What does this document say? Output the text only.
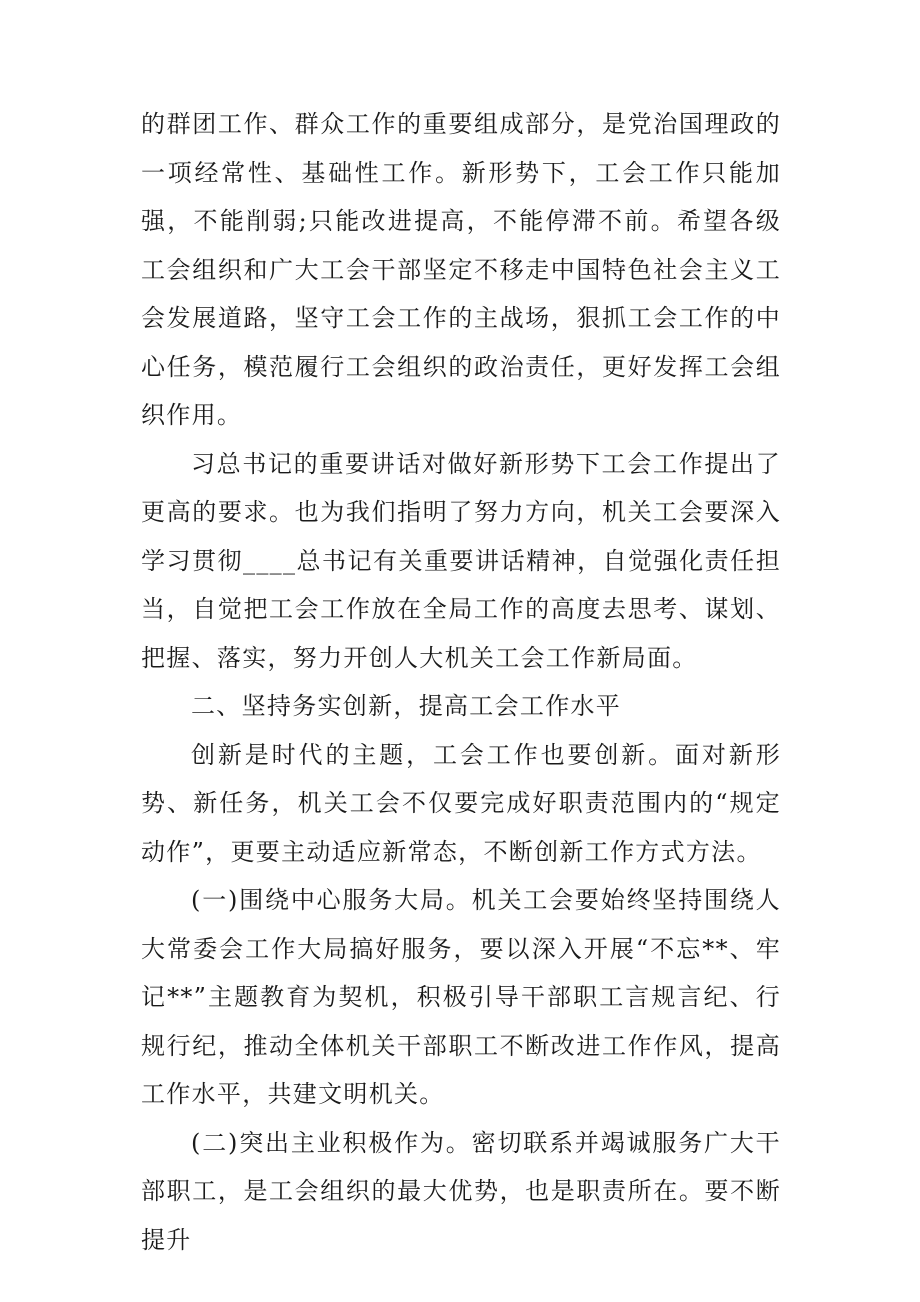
的群团工作、群众工作的重要组成部分，是党治国理政的一项经常性、基础性工作。新形势下，工会工作只能加强，不能削弱;只能改进提高，不能停滞不前。希望各级工会组织和广大工会干部坚定不移走中国特色社会主义工会发展道路，坚守工会工作的主战场，狠抓工会工作的中心任务，模范履行工会组织的政治责任，更好发挥工会组织作用。

习总书记的重要讲话对做好新形势下工会工作提出了更高的要求。也为我们指明了努力方向，机关工会要深入学习贯彻____总书记有关重要讲话精神，自觉强化责任担当，自觉把工会工作放在全局工作的高度去思考、谋划、把握、落实，努力开创人大机关工会工作新局面。

二、坚持务实创新，提高工会工作水平

创新是时代的主题，工会工作也要创新。面对新形势、新任务，机关工会不仅要完成好职责范围内的“规定动作”，更要主动适应新常态，不断创新工作方式方法。

(一)围绕中心服务大局。机关工会要始终坚持围绕人大常委会工作大局搞好服务，要以深入开展“不忘**、牢记**”主题教育为契机，积极引导干部职工言规言纪、行规行纪，推动全体机关干部职工不断改进工作作风，提高工作水平，共建文明机关。

(二)突出主业积极作为。密切联系并竭诚服务广大干部职工，是工会组织的最大优势，也是职责所在。要不断提升
